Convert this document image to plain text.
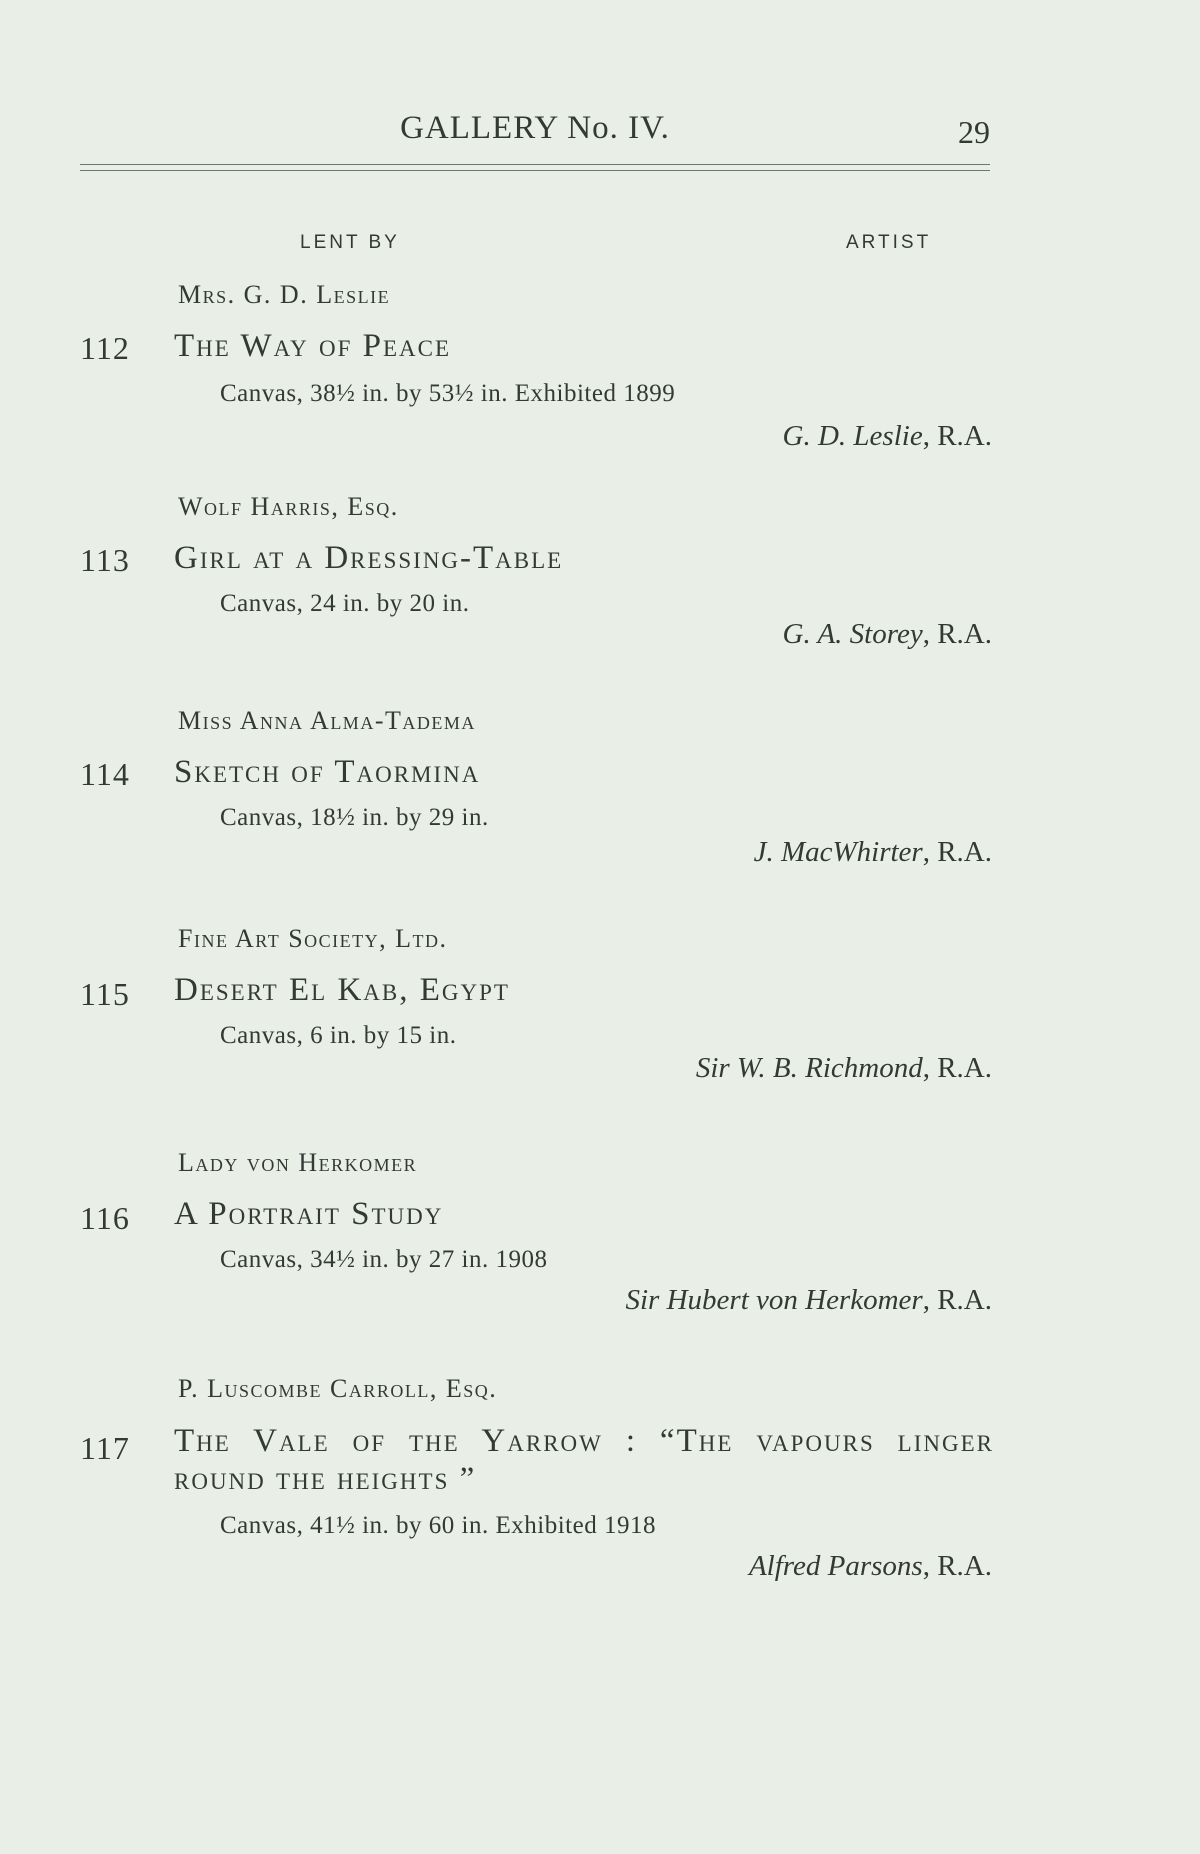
GALLERY No. IV.	29
LENT BY	ARTIST
Mrs. G. D. Leslie
112 The Way of Peace
Canvas, 38½ in. by 53½ in. Exhibited 1899
G. D. Leslie, R.A.
Wolf Harris, Esq.
113 Girl at a Dressing-Table
Canvas, 24 in. by 20 in.
G. A. Storey, R.A.
Miss Anna Alma-Tadema
114 Sketch of Taormina
Canvas, 18½ in. by 29 in.
J. MacWhirter, R.A.
Fine Art Society, Ltd.
115 Desert El Kab, Egypt
Canvas, 6 in. by 15 in.
Sir W. B. Richmond, R.A.
Lady von Herkomer
116 A Portrait Study
Canvas, 34½ in. by 27 in. 1908
Sir Hubert von Herkomer, R.A.
P. Luscombe Carroll, Esq.
117 The Vale of the Yarrow : “The vapours linger round the heights ”
Canvas, 41½ in. by 60 in. Exhibited 1918
Alfred Parsons, R.A.
